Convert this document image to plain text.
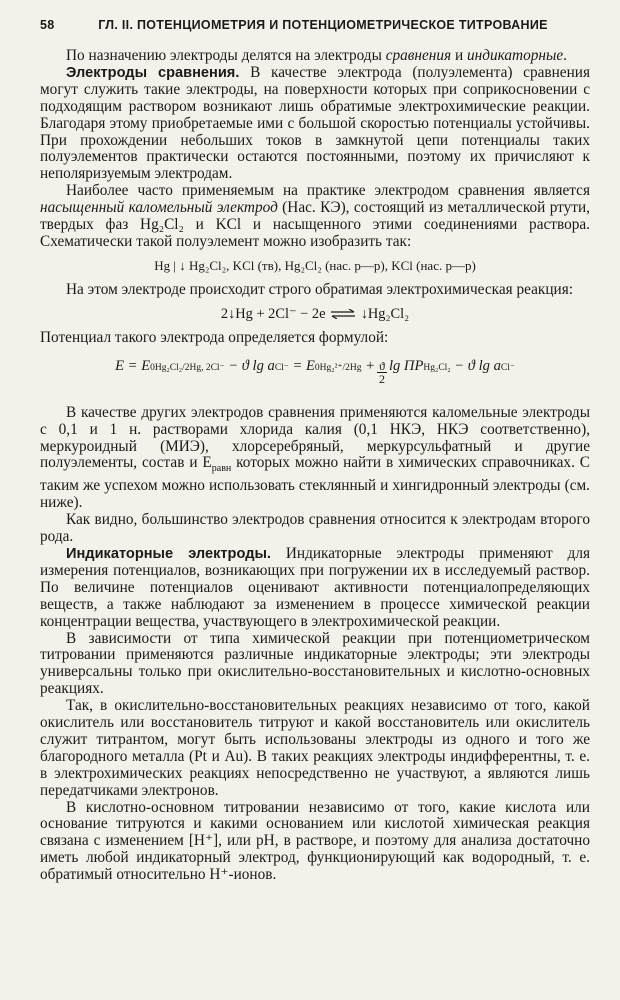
58	ГЛ. II. ПОТЕНЦИОМЕТРИЯ И ПОТЕНЦИОМЕТРИЧЕСКОЕ ТИТРОВАНИЕ

По назначению электроды делятся на электроды сравнения и индикаторные.

Электроды сравнения. В качестве электрода (полуэлемента) сравнения могут служить такие электроды, на поверхности которых при соприкосновении с подходящим раствором возникают лишь обратимые электрохимические реакции. Благодаря этому приобретаемые ими с большой скоростью потенциалы устойчивы. При прохождении небольших токов в замкнутой цепи потенциалы таких полуэлементов практически остаются постоянными, поэтому их причисляют к неполяризуемым электродам.

Наиболее часто применяемым на практике электродом сравнения является насыщенный каломельный электрод (Нас. КЭ), состоящий из металлической ртути, твердых фаз Hg₂Cl₂ и KCl и насыщенного этими соединениями раствора. Схематически такой полуэлемент можно изобразить так:

Hg | ↓ Hg₂Cl₂, KCl (тв), Hg₂Cl₂ (нас. р—р), KCl (нас. р—р)

На этом электроде происходит строго обратимая электрохимическая реакция:

2↓Hg + 2Cl⁻ − 2e ↓Hg₂Cl₂

Потенциал такого электрода определяется формулой:

E
=
E 0 Hg₂Cl₂/2Hg, 2Cl⁻
− ϑ lg a Cl⁻
=
E 0 Hg₂²⁺/2Hg
+ $\frac{ϑ}{2}$ lg ПР Hg₂Cl₂
− ϑ lg a Cl⁻

В качестве других электродов сравнения применяются каломельные электроды с 0,1 и 1 н. растворами хлорида калия (0,1 НКЭ, НКЭ соответственно), меркуроидный (МИЭ), хлорсеребряный, меркурсульфатный и другие полуэлементы, состав и $E_{равн}$ которых можно найти в химических справочниках. С таким же успехом можно использовать стеклянный и хингидронный электроды (см. ниже).

Как видно, большинство электродов сравнения относится к электродам второго рода.

Индикаторные электроды. Индикаторные электроды применяют для измерения потенциалов, возникающих при погружении их в исследуемый раствор. По величине потенциалов оценивают активности потенциалопределяющих веществ, а также наблюдают за изменением в процессе химической реакции концентрации вещества, участвующего в электрохимической реакции.

В зависимости от типа химической реакции при потенциометрическом титровании применяются различные индикаторные электроды; эти электроды универсальны только при окислительно-восстановительных и кислотно-основных реакциях.

Так, в окислительно-восстановительных реакциях независимо от того, какой окислитель или восстановитель титруют и какой восстановитель или окислитель служит титрантом, могут быть использованы электроды из одного и того же благородного металла (Pt и Au). В таких реакциях электроды индифферентны, т. е. в электрохимических реакциях непосредственно не участвуют, а являются лишь передатчиками электронов.

В кислотно-основном титровании независимо от того, какие кислота или основание титруются и какими основанием или кислотой химическая реакция связана с изменением [H⁺], или pH, в растворе, и поэтому для анализа достаточно иметь любой индикаторный электрод, функционирующий как водородный, т. е. обратимый относительно H⁺-ионов.
